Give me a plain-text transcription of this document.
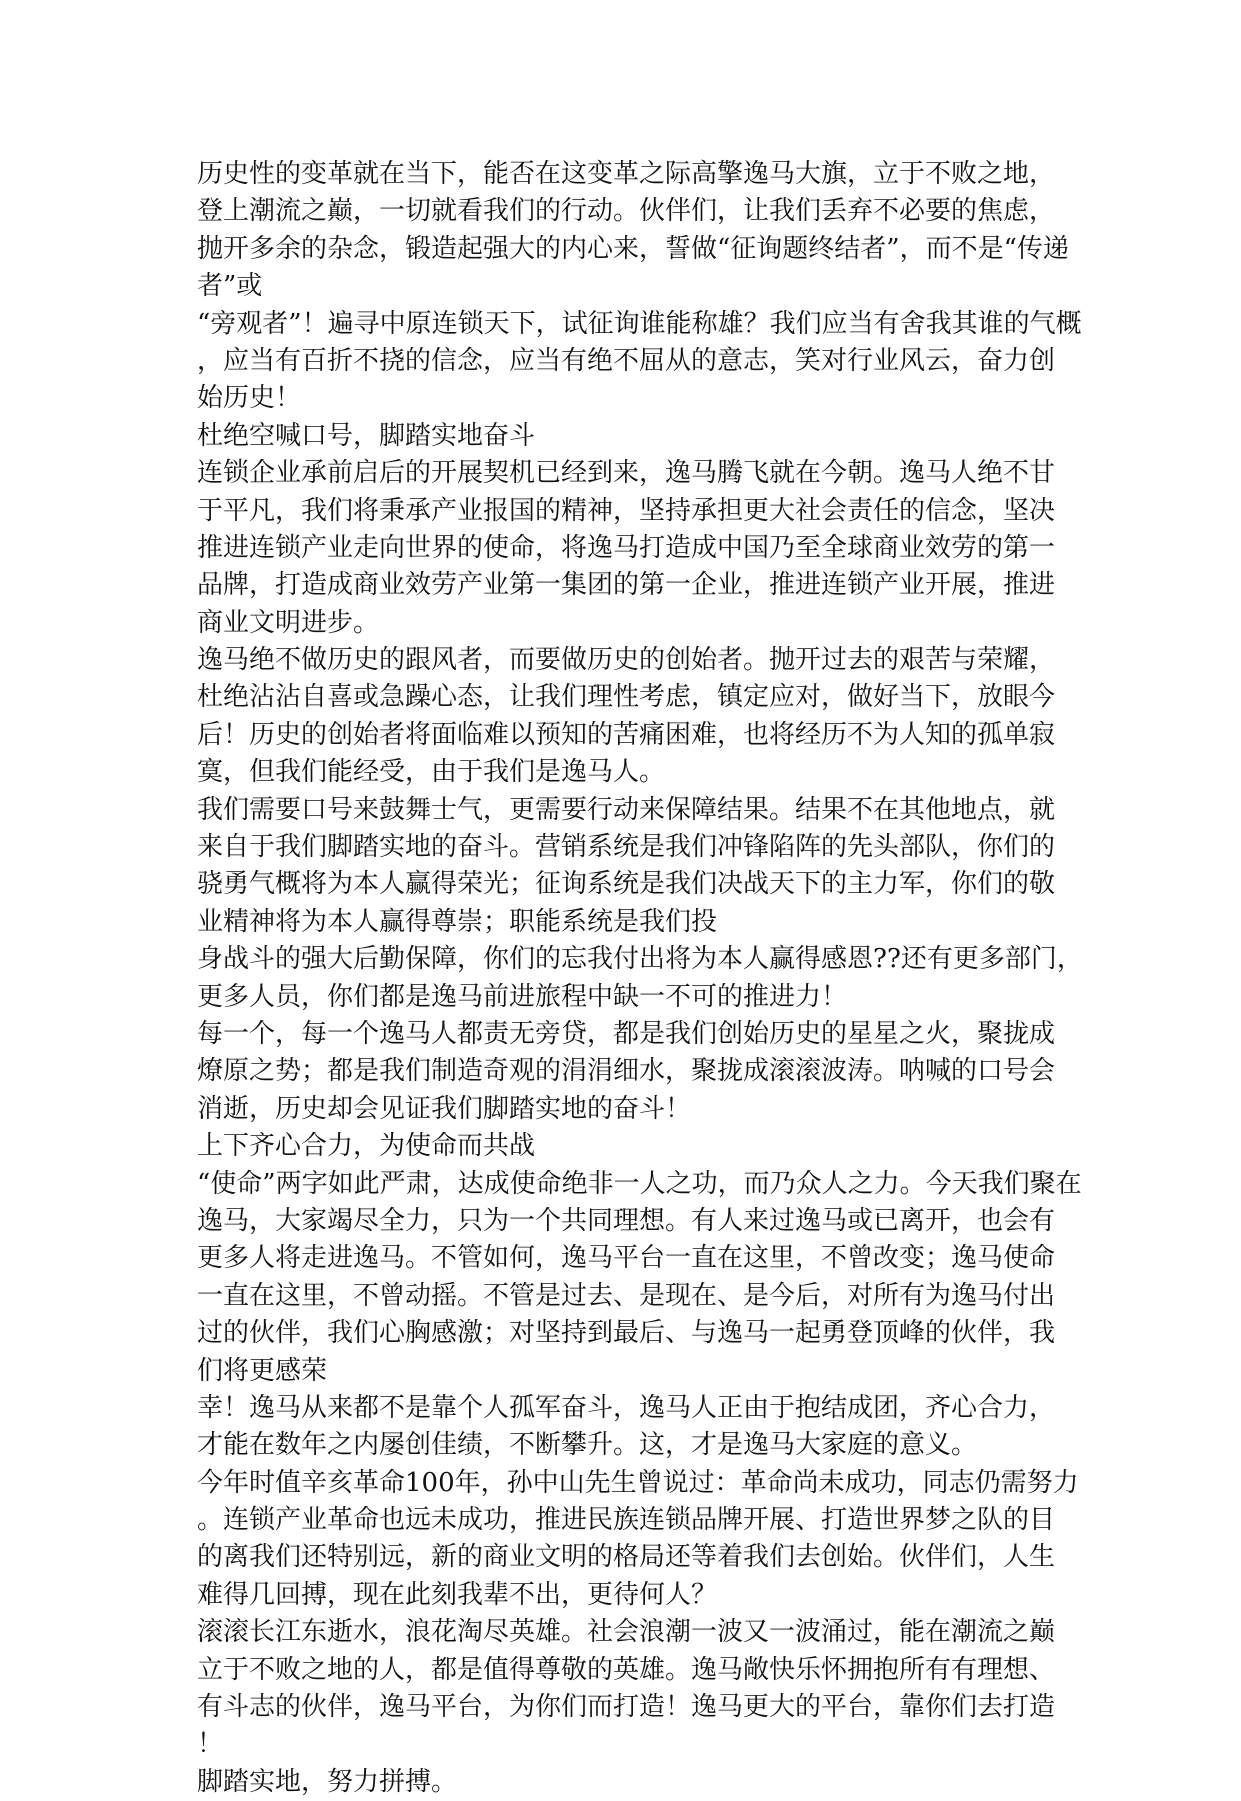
历史性的变革就在当下，能否在这变革之际高擎逸马大旗，立于不败之地，
登上潮流之巅，一切就看我们的行动。伙伴们，让我们丢弃不必要的焦虑，
抛开多余的杂念，锻造起强大的内心来，誓做“征询题终结者”，而不是“传递
者”或
“旁观者”！遍寻中原连锁天下，试征询谁能称雄？我们应当有舍我其谁的气概
，应当有百折不挠的信念，应当有绝不屈从的意志，笑对行业风云，奋力创
始历史！
杜绝空喊口号，脚踏实地奋斗
连锁企业承前启后的开展契机已经到来，逸马腾飞就在今朝。逸马人绝不甘
于平凡，我们将秉承产业报国的精神，坚持承担更大社会责任的信念，坚决
推进连锁产业走向世界的使命，将逸马打造成中国乃至全球商业效劳的第一
品牌，打造成商业效劳产业第一集团的第一企业，推进连锁产业开展，推进
商业文明进步。
逸马绝不做历史的跟风者，而要做历史的创始者。抛开过去的艰苦与荣耀，
杜绝沾沾自喜或急躁心态，让我们理性考虑，镇定应对，做好当下，放眼今
后！历史的创始者将面临难以预知的苦痛困难，也将经历不为人知的孤单寂
寞，但我们能经受，由于我们是逸马人。
我们需要口号来鼓舞士气，更需要行动来保障结果。结果不在其他地点，就
来自于我们脚踏实地的奋斗。营销系统是我们冲锋陷阵的先头部队，你们的
骁勇气概将为本人赢得荣光；征询系统是我们决战天下的主力军，你们的敬
业精神将为本人赢得尊崇；职能系统是我们投
身战斗的强大后勤保障，你们的忘我付出将为本人赢得感恩??还有更多部门，
更多人员，你们都是逸马前进旅程中缺一不可的推进力！
每一个，每一个逸马人都责无旁贷，都是我们创始历史的星星之火，聚拢成
燎原之势；都是我们制造奇观的涓涓细水，聚拢成滚滚波涛。呐喊的口号会
消逝，历史却会见证我们脚踏实地的奋斗！
上下齐心合力，为使命而共战
“使命”两字如此严肃，达成使命绝非一人之功，而乃众人之力。今天我们聚在
逸马，大家竭尽全力，只为一个共同理想。有人来过逸马或已离开，也会有
更多人将走进逸马。不管如何，逸马平台一直在这里，不曾改变；逸马使命
一直在这里，不曾动摇。不管是过去、是现在、是今后，对所有为逸马付出
过的伙伴，我们心胸感激；对坚持到最后、与逸马一起勇登顶峰的伙伴，我
们将更感荣
幸！逸马从来都不是靠个人孤军奋斗，逸马人正由于抱结成团，齐心合力，
才能在数年之内屡创佳绩，不断攀升。这，才是逸马大家庭的意义。
今年时值辛亥革命100年，孙中山先生曾说过：革命尚未成功，同志仍需努力
。连锁产业革命也远未成功，推进民族连锁品牌开展、打造世界梦之队的目
的离我们还特别远，新的商业文明的格局还等着我们去创始。伙伴们，人生
难得几回搏，现在此刻我辈不出，更待何人？
滚滚长江东逝水，浪花淘尽英雄。社会浪潮一波又一波涌过，能在潮流之巅
立于不败之地的人，都是值得尊敬的英雄。逸马敞快乐怀拥抱所有有理想、
有斗志的伙伴，逸马平台，为你们而打造！逸马更大的平台，靠你们去打造
！
脚踏实地，努力拼搏。
